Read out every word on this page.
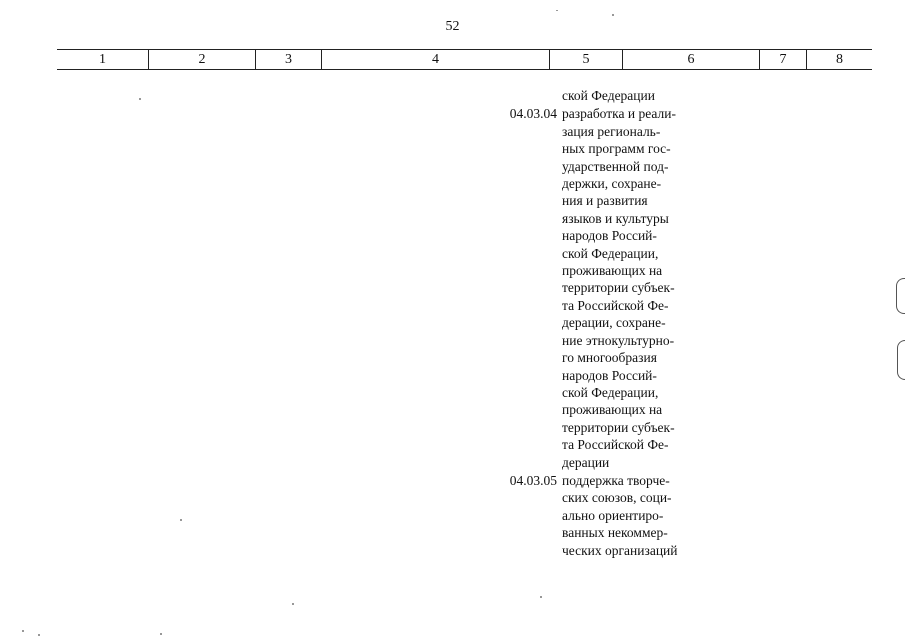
52
1	2	3	4	5	6	7	8
ской Федерации
04.03.04 разработка и реали-
зация региональ-
ных программ гос-
ударственной под-
держки, сохране-
ния и развития
языков и культуры
народов Россий-
ской Федерации,
проживающих на
территории субъек-
та Российской Фе-
дерации, сохране-
ние этнокультурно-
го многообразия
народов Россий-
ской Федерации,
проживающих на
территории субъек-
та Российской Фе-
дерации
04.03.05 поддержка творче-
ских союзов, соци-
ально ориентиро-
ванных некоммер-
ческих организаций
